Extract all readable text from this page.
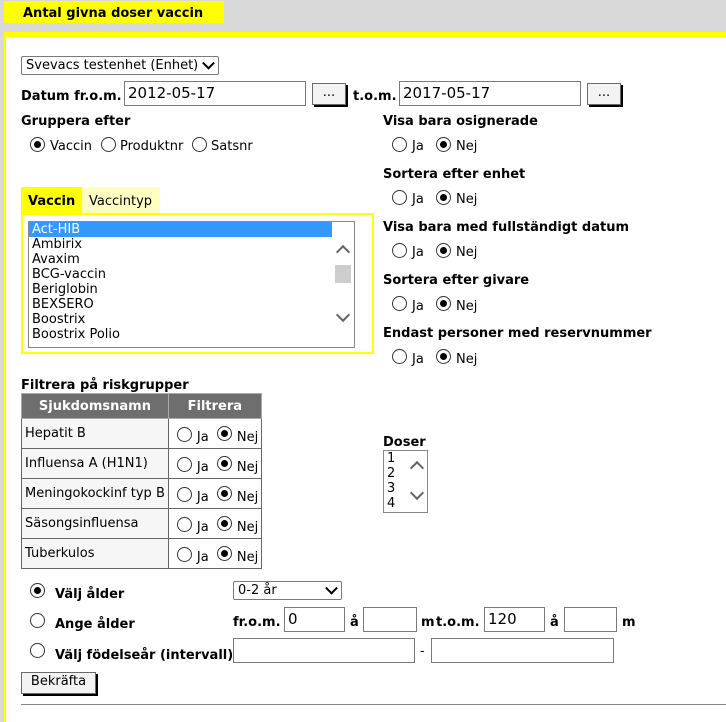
Antal givna doser vaccin
Svevacs testenhet (Enhet)
Datum fr.o.m. 2012-05-17	...	t.o.m. 2017-05-17	...
Gruppera efter
Vaccin Produktnr Satsnr
Visa bara osignerade
Ja Nej
Sortera efter enhet
Ja Nej
Visa bara med fullständigt datum
Ja Nej
Sortera efter givare
Ja Nej
Endast personer med reservnummer
Ja Nej
Vaccin	Vaccintyp
Act-HIB
Ambirix
Avaxim
BCG-vaccin
Beriglobin
BEXSERO
Boostrix
Boostrix Polio
Filtrera på riskgrupper
Sjukdomsnamn	Filtrera
Hepatit B	Ja Nej

Influensa A (H1N1)	Ja Nej

Meningokockinf typ B	Ja Nej

Säsongsinfluensa	Ja Nej

Tuberkulos	Ja Nej
Doser
1
2
3
4
Välj ålder	0-2 år
Ange ålder	fr.o.m. 0	å	m t.o.m. 120	å	m
Välj födelseår (intervall)	-
Bekräfta
